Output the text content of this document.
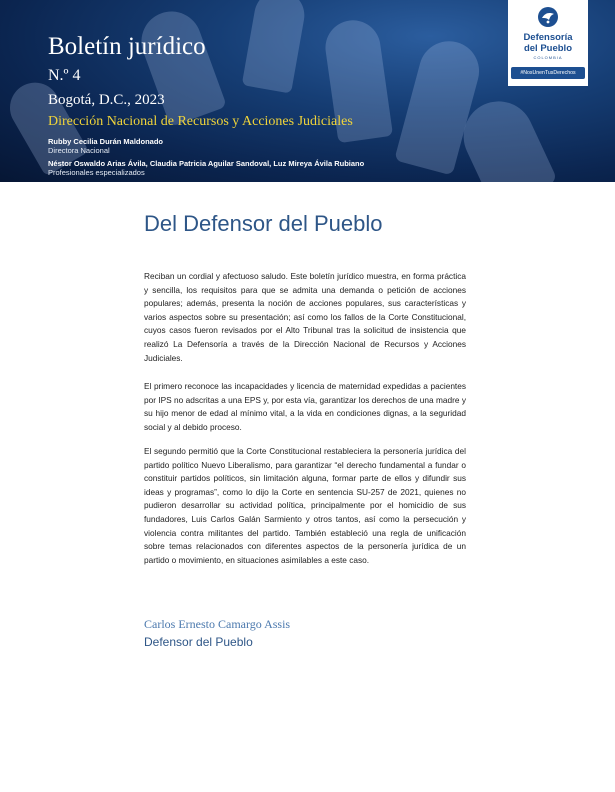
Boletín jurídico
N.º 4
Bogotá, D.C., 2023
Dirección Nacional de Recursos y Acciones Judiciales
Rubby Cecilia Durán Maldonado
Directora Nacional
Néstor Oswaldo Arias Ávila, Claudia Patricia Aguilar Sandoval, Luz Mireya Ávila Rubiano
Profesionales especializados
Defensoría
del Pueblo
COLOMBIA
#NosUnenTusDerechos
Del Defensor del Pueblo

Reciban un cordial y afectuoso saludo. Este boletín jurídico muestra, en forma práctica y sencilla, los requisitos para que se admita una demanda o petición de acciones populares; además, presenta la noción de acciones populares, sus características y varios aspectos sobre su presentación; así como los fallos de la Corte Constitucional, cuyos casos fueron revisados por el Alto Tribunal tras la solicitud de insistencia que realizó La Defensoría a través de la Dirección Nacional de Recursos y Acciones Judiciales.

El primero reconoce las incapacidades y licencia de maternidad expedidas a pacientes por IPS no adscritas a una EPS y, por esta vía, garantizar los derechos de una madre y su hijo menor de edad al mínimo vital, a la vida en condiciones dignas, a la seguridad social y al debido proceso.

El segundo permitió que la Corte Constitucional restableciera la personería jurídica del partido político Nuevo Liberalismo, para garantizar “el derecho fundamental a fundar o constituir partidos políticos, sin limitación alguna, formar parte de ellos y difundir sus ideas y programas”, como lo dijo la Corte en sentencia SU-257 de 2021, quienes no pudieron desarrollar su actividad política, principalmente por el homicidio de sus fundadores, Luis Carlos Galán Sarmiento y otros tantos, así como la persecución y violencia contra militantes del partido. También estableció una regla de unificación sobre temas relacionados con diferentes aspectos de la personería jurídica de un partido o movimiento, en situaciones asimilables a este caso.

Carlos Ernesto Camargo Assis
Defensor del Pueblo
